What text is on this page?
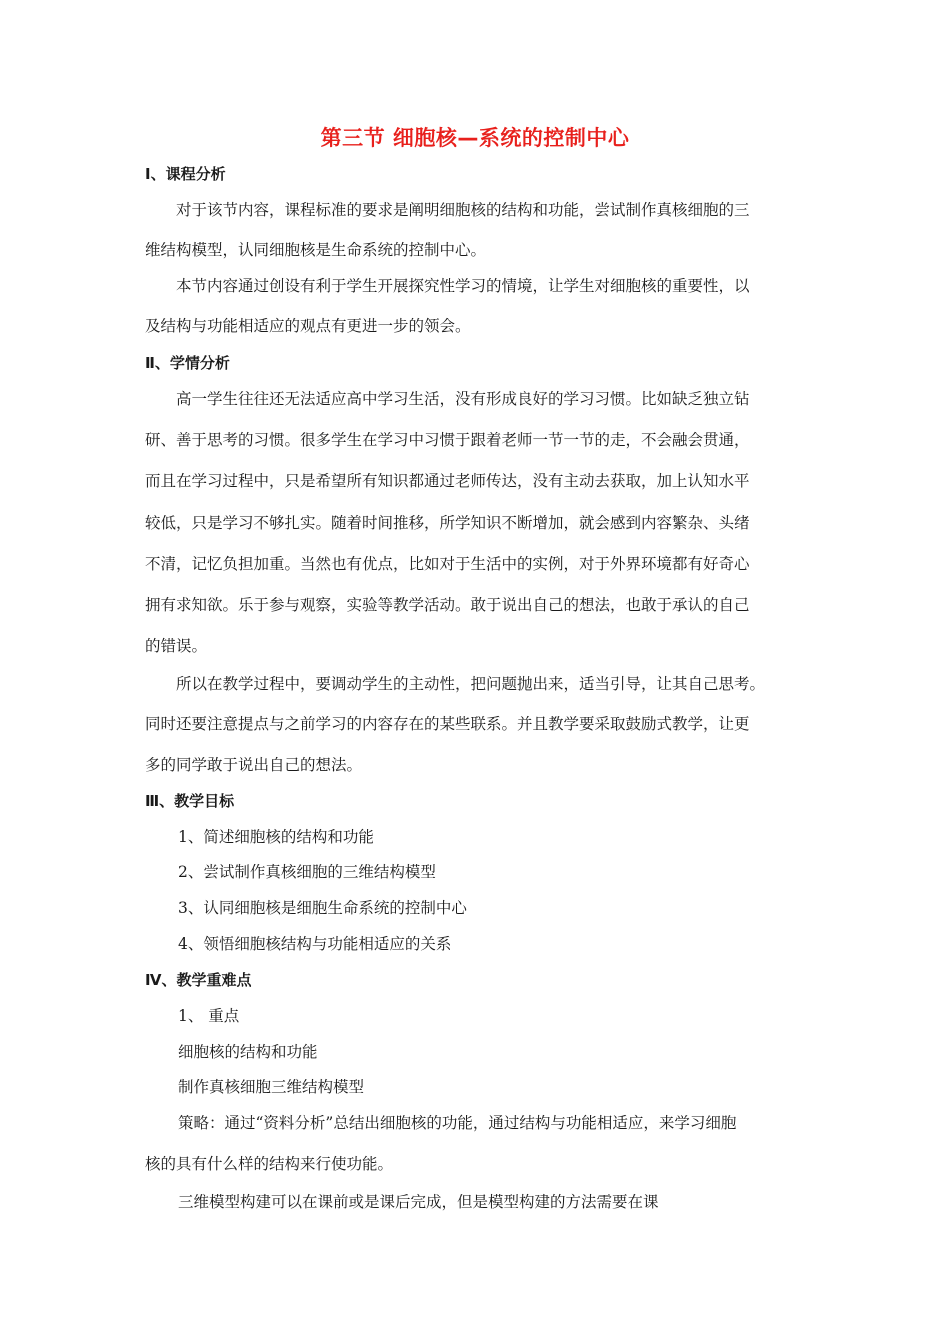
第三节 细胞核—系统的控制中心
Ⅰ、课程分析
对于该节内容，课程标准的要求是阐明细胞核的结构和功能，尝试制作真核细胞的三
维结构模型，认同细胞核是生命系统的控制中心。
本节内容通过创设有利于学生开展探究性学习的情境，让学生对细胞核的重要性，以
及结构与功能相适应的观点有更进一步的领会。
Ⅱ、学情分析
高一学生往往还无法适应高中学习生活，没有形成良好的学习习惯。比如缺乏独立钻
研、善于思考的习惯。很多学生在学习中习惯于跟着老师一节一节的走，不会融会贯通，
而且在学习过程中，只是希望所有知识都通过老师传达，没有主动去获取，加上认知水平
较低，只是学习不够扎实。随着时间推移，所学知识不断增加，就会感到内容繁杂、头绪
不清，记忆负担加重。当然也有优点，比如对于生活中的实例，对于外界环境都有好奇心
拥有求知欲。乐于参与观察，实验等教学活动。敢于说出自己的想法，也敢于承认的自己
的错误。
所以在教学过程中，要调动学生的主动性，把问题抛出来，适当引导，让其自己思考。
同时还要注意提点与之前学习的内容存在的某些联系。并且教学要采取鼓励式教学，让更
多的同学敢于说出自己的想法。
Ⅲ、教学目标
1、简述细胞核的结构和功能
2、尝试制作真核细胞的三维结构模型
3、认同细胞核是细胞生命系统的控制中心
4、领悟细胞核结构与功能相适应的关系
Ⅳ、教学重难点
1、 重点
细胞核的结构和功能
制作真核细胞三维结构模型
策略：通过“资料分析”总结出细胞核的功能，通过结构与功能相适应，来学习细胞
核的具有什么样的结构来行使功能。
三维模型构建可以在课前或是课后完成，但是模型构建的方法需要在课
